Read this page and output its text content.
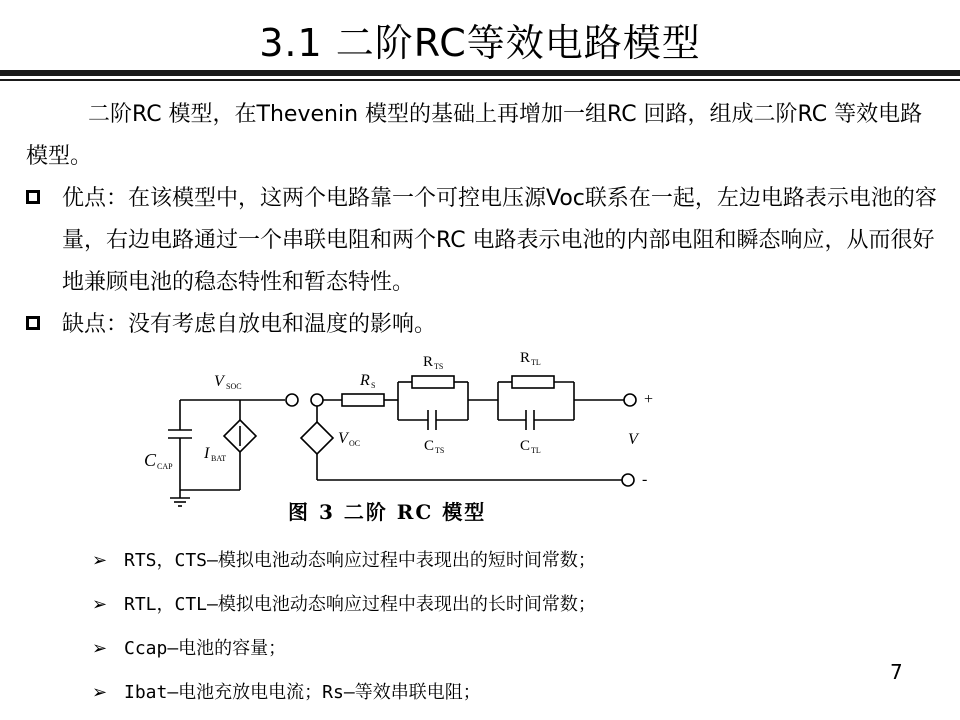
3.1 二阶RC等效电路模型
二阶RC 模型，在Thevenin 模型的基础上再增加一组RC 回路，组成二阶RC 等效电路模型。
优点：在该模型中，这两个电路靠一个可控电压源Voc联系在一起，左边电路表示电池的容量，右边电路通过一个串联电阻和两个RC 电路表示电池的内部电阻和瞬态响应，从而很好地兼顾电池的稳态特性和暂态特性。
缺点：没有考虑自放电和温度的影响。
V SOC
C CAP
I BAT
V OC
R S
R TS
R TL
C TS	C TL
V
+
-
图 3 二阶 RC 模型
➢ RTS，CTS—模拟电池动态响应过程中表现出的短时间常数；
➢ RTL，CTL—模拟电池动态响应过程中表现出的长时间常数；
➢ Ccap—电池的容量；
➢ Ibat—电池充放电电流；Rs—等效串联电阻；
7
